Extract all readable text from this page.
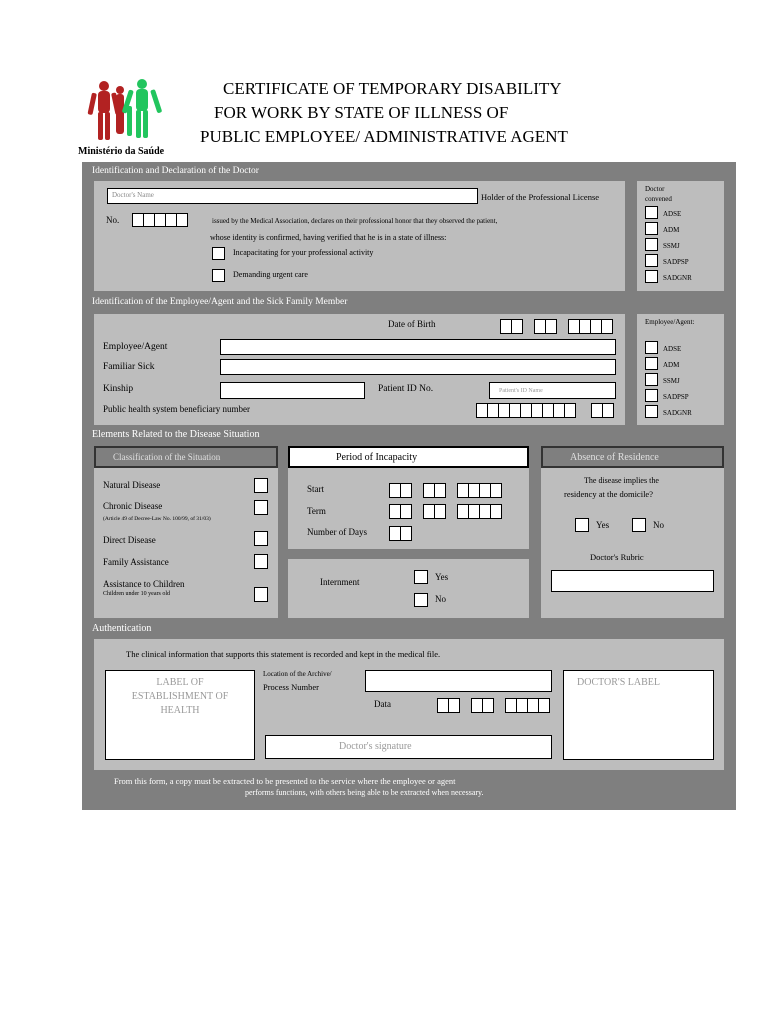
Ministério da Saúde
CERTIFICATE OF TEMPORARY DISABILITY
FOR WORK BY STATE OF ILLNESS OF
PUBLIC EMPLOYEE/ ADMINISTRATIVE AGENT
Identification and Declaration of the Doctor
Doctor's Name	Holder of the Professional License
No.	issued by the Medical Association, declares on their professional honor that they observed the patient,
whose identity is confirmed, having verified that he is in a state of illness:
Incapacitating for your professional activity
Demanding urgent care
Doctor
convened
ADSE
ADM
SSMJ
SADPSP
SADGNR
Identification of the Employee/Agent and the Sick Family Member
Date of Birth
Employee/Agent
Familiar Sick
Kinship	Patient ID No.	Patient's ID Name
Public health system beneficiary number
Employee/Agent:
ADSE
ADM
SSMJ
SADPSP
SADGNR
Elements Related to the Disease Situation
Classification of the Situation
Natural Disease
Chronic Disease
(Article 49 of Decree-Law No. 100/99, of 31/03)
Direct Disease
Family Assistance
Assistance to Children
Children under 10 years old
Period of Incapacity
Start
Term
Number of Days
Internment	Yes
No
Absence of Residence
The disease implies the
residency at the domicile?
Yes	No
Doctor's Rubric
Authentication
The clinical information that supports this statement is recorded and kept in the medical file.
LABEL OF
ESTABLISHMENT OF
HEALTH
Location of the Archive/
Process Number
Data
Doctor's signature
DOCTOR'S LABEL
From this form, a copy must be extracted to be presented to the service where the employee or agent
performs functions, with others being able to be extracted when necessary.
